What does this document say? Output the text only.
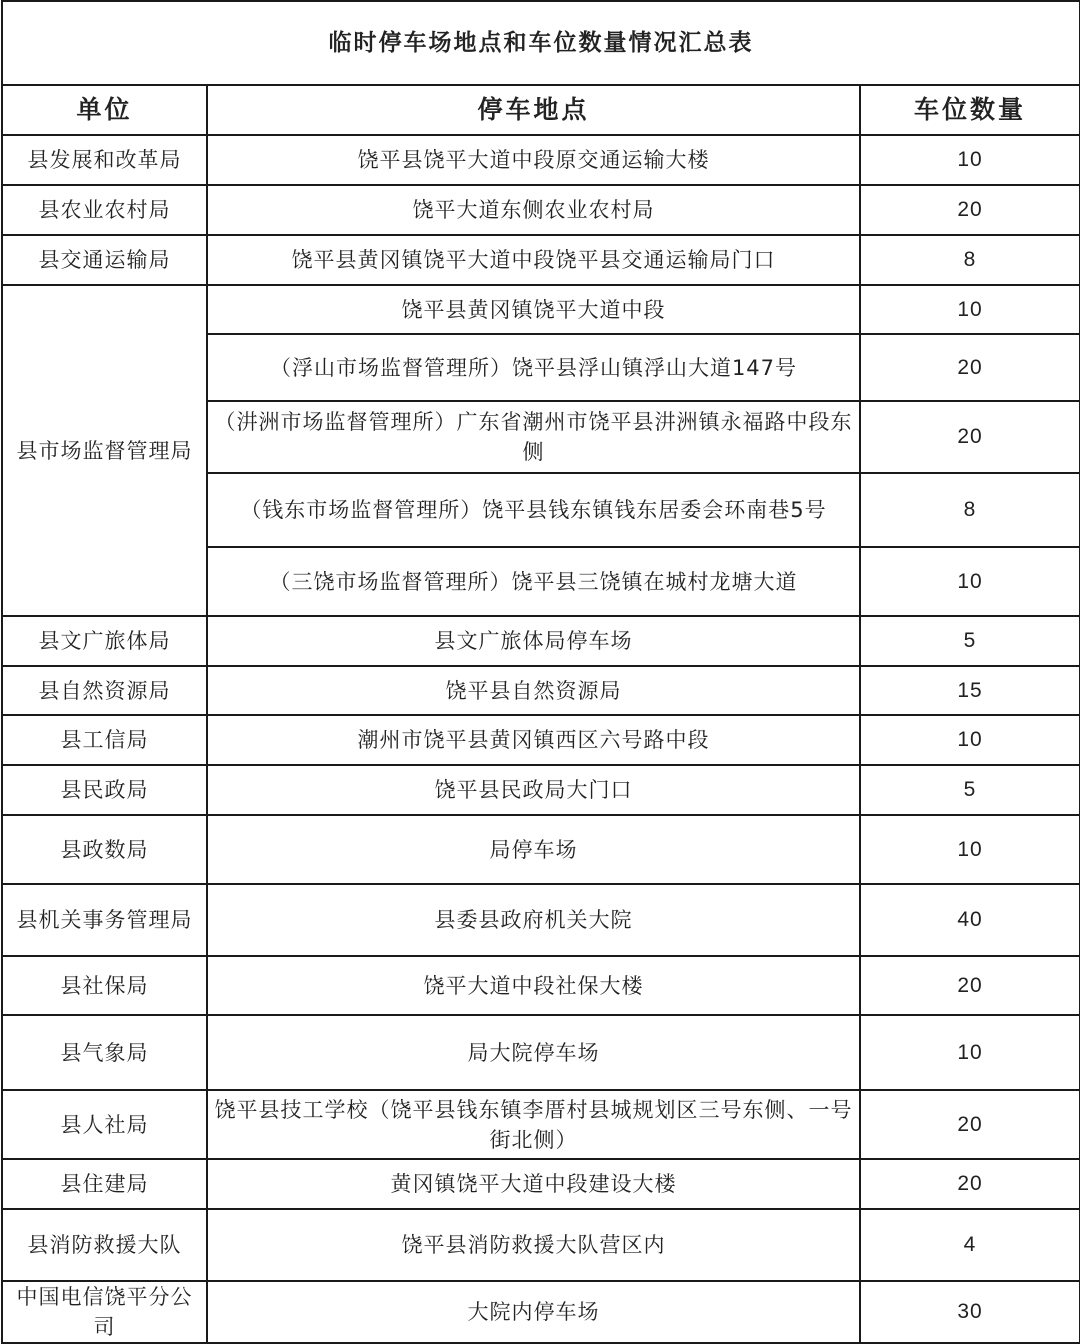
临时停车场地点和车位数量情况汇总表		
单位	停车地点	车位数量
县发展和改革局	饶平县饶平大道中段原交通运输大楼	10
县农业农村局	饶平大道东侧农业农村局	20
县交通运输局	饶平县黄冈镇饶平大道中段饶平县交通运输局门口	8
县市场监督管理局	饶平县黄冈镇饶平大道中段	10
	（浮山市场监督管理所）饶平县浮山镇浮山大道147号	20
	（汫洲市场监督管理所）广东省潮州市饶平县汫洲镇永福路中段东侧	20
	（钱东市场监督管理所）饶平县钱东镇钱东居委会环南巷5号	8
	（三饶市场监督管理所）饶平县三饶镇在城村龙塘大道	10
县文广旅体局	县文广旅体局停车场	5
县自然资源局	饶平县自然资源局	15
县工信局	潮州市饶平县黄冈镇西区六号路中段	10
县民政局	饶平县民政局大门口	5
县政数局	局停车场	10
县机关事务管理局	县委县政府机关大院	40
县社保局	饶平大道中段社保大楼	20
县气象局	局大院停车场	10
县人社局	饶平县技工学校（饶平县钱东镇李厝村县城规划区三号东侧、一号街北侧）	20
县住建局	黄冈镇饶平大道中段建设大楼	20
县消防救援大队	饶平县消防救援大队营区内	4
中国电信饶平分公司	大院内停车场	30
